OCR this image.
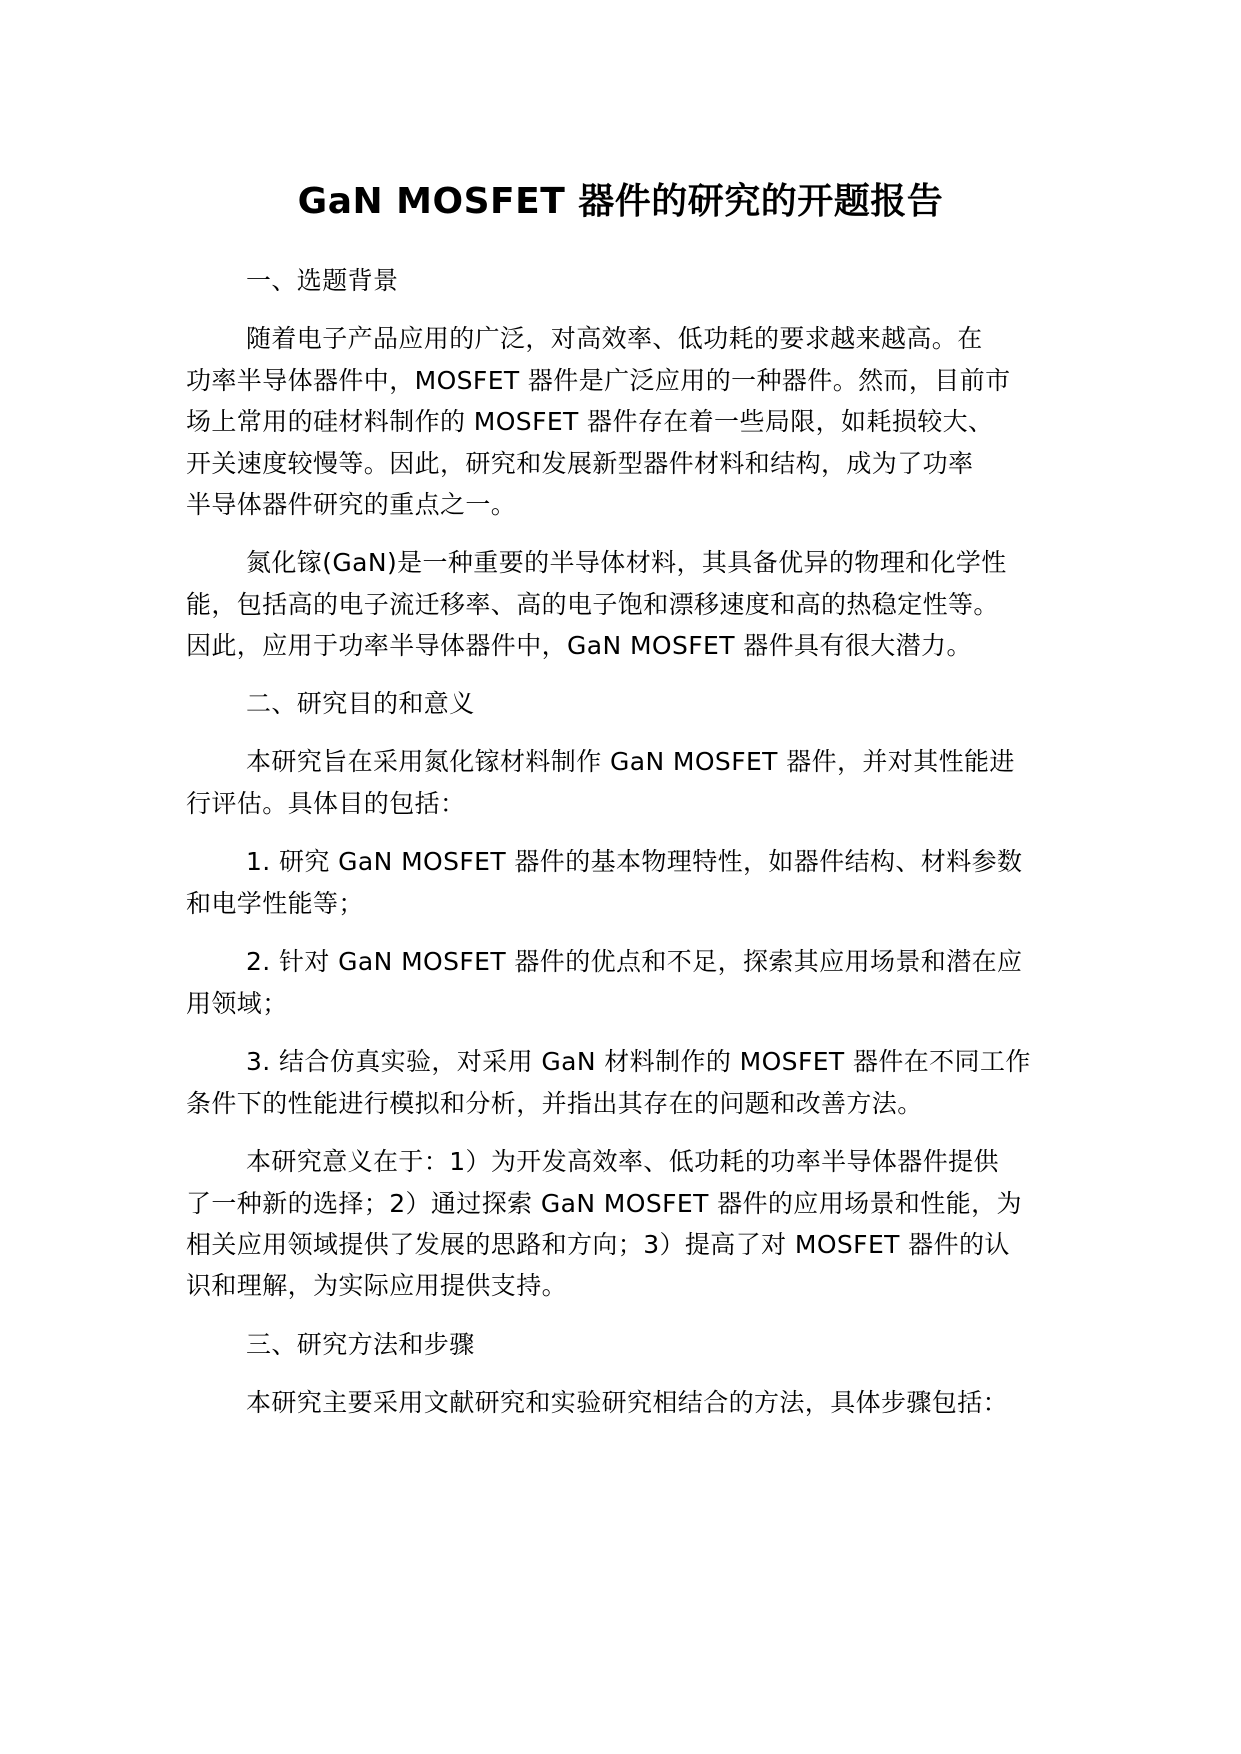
GaN MOSFET 器件的研究的开题报告
一、选题背景
随着电子产品应用的广泛，对高效率、低功耗的要求越来越高。在
功率半导体器件中，MOSFET 器件是广泛应用的一种器件。然而，目前市
场上常用的硅材料制作的 MOSFET 器件存在着一些局限，如耗损较大、
开关速度较慢等。因此，研究和发展新型器件材料和结构，成为了功率
半导体器件研究的重点之一。
氮化镓(GaN)是一种重要的半导体材料，其具备优异的物理和化学性
能，包括高的电子流迁移率、高的电子饱和漂移速度和高的热稳定性等。
因此，应用于功率半导体器件中，GaN MOSFET 器件具有很大潜力。
二、研究目的和意义
本研究旨在采用氮化镓材料制作 GaN MOSFET 器件，并对其性能进
行评估。具体目的包括：
1. 研究 GaN MOSFET 器件的基本物理特性，如器件结构、材料参数
和电学性能等；
2. 针对 GaN MOSFET 器件的优点和不足，探索其应用场景和潜在应
用领域；
3. 结合仿真实验，对采用 GaN 材料制作的 MOSFET 器件在不同工作
条件下的性能进行模拟和分析，并指出其存在的问题和改善方法。
本研究意义在于：1）为开发高效率、低功耗的功率半导体器件提供
了一种新的选择；2）通过探索 GaN MOSFET 器件的应用场景和性能，为
相关应用领域提供了发展的思路和方向；3）提高了对 MOSFET 器件的认
识和理解，为实际应用提供支持。
三、研究方法和步骤
本研究主要采用文献研究和实验研究相结合的方法，具体步骤包括：
